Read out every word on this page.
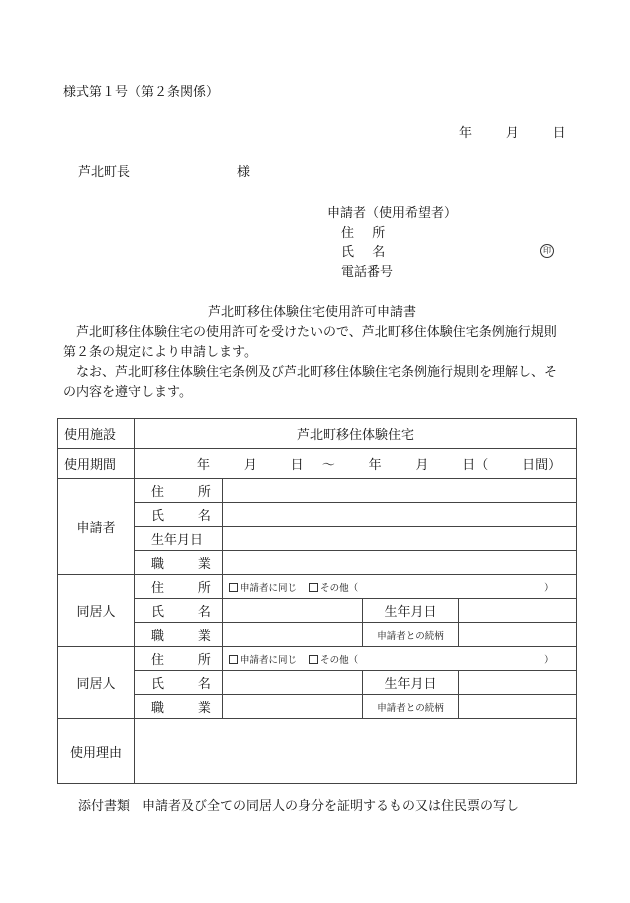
様式第１号（第２条関係）
年	月	日
芦北町長	様
申請者（使用希望者）
住 所
氏 名	印
電話番号
芦北町移住体験住宅使用許可申請書
　芦北町移住体験住宅の使用許可を受けたいので、芦北町移住体験住宅条例施行規則
第２条の規定により申請します。
　なお、芦北町移住体験住宅条例及び芦北町移住体験住宅条例施行規則を理解し、そ
の内容を遵守します。
使用施設	芦北町移住体験住宅			
使用期間	年 月 日 ～ 年 月 日（ 日間）			
申請者	住 所			
	氏 名			
	生年月日			
	職 業			
同居人	住 所	申請者に同じ その他（ ）		
	氏 名		生年月日	
	職 業		申請者との続柄	
同居人	住 所	申請者に同じ その他（ ）		
	氏 名		生年月日	
	職 業		申請者との続柄	
使用理由				
添付書類 申請者及び全ての同居人の身分を証明するもの又は住民票の写し
